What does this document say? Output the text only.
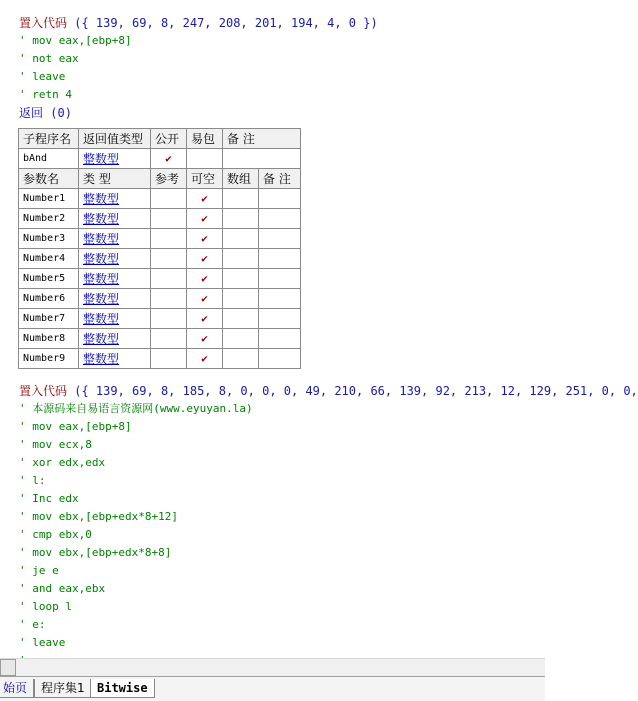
置入代码 ({ 139, 69, 8, 247, 208, 201, 194, 4, 0 })
' mov eax,[ebp+8]
' not eax
' leave
' retn 4
返回 (0)
子程序名	返回值类型	公开	易包	备 注	
bAnd	整数型	✔			
参数名	类 型	参考	可空	数组	备 注
Number1	整数型		✔		
Number2	整数型		✔		
Number3	整数型		✔		
Number4	整数型		✔		
Number5	整数型		✔		
Number6	整数型		✔		
Number7	整数型		✔		
Number8	整数型		✔		
Number9	整数型		✔		
置入代码 ({ 139, 69, 8, 185, 8, 0, 0, 0, 49, 210, 66, 139, 92, 213, 12, 129, 251, 0, 0,
' 本源码来自易语言资源网(www.eyuyan.la)
' mov eax,[ebp+8]
' mov ecx,8
' xor edx,edx
' l:
' Inc edx
' mov ebx,[ebp+edx*8+12]
' cmp ebx,0
' mov ebx,[ebp+edx*8+8]
' je e
' and eax,ebx
' loop l
' e:
' leave
始页	程序集1	Bitwise
